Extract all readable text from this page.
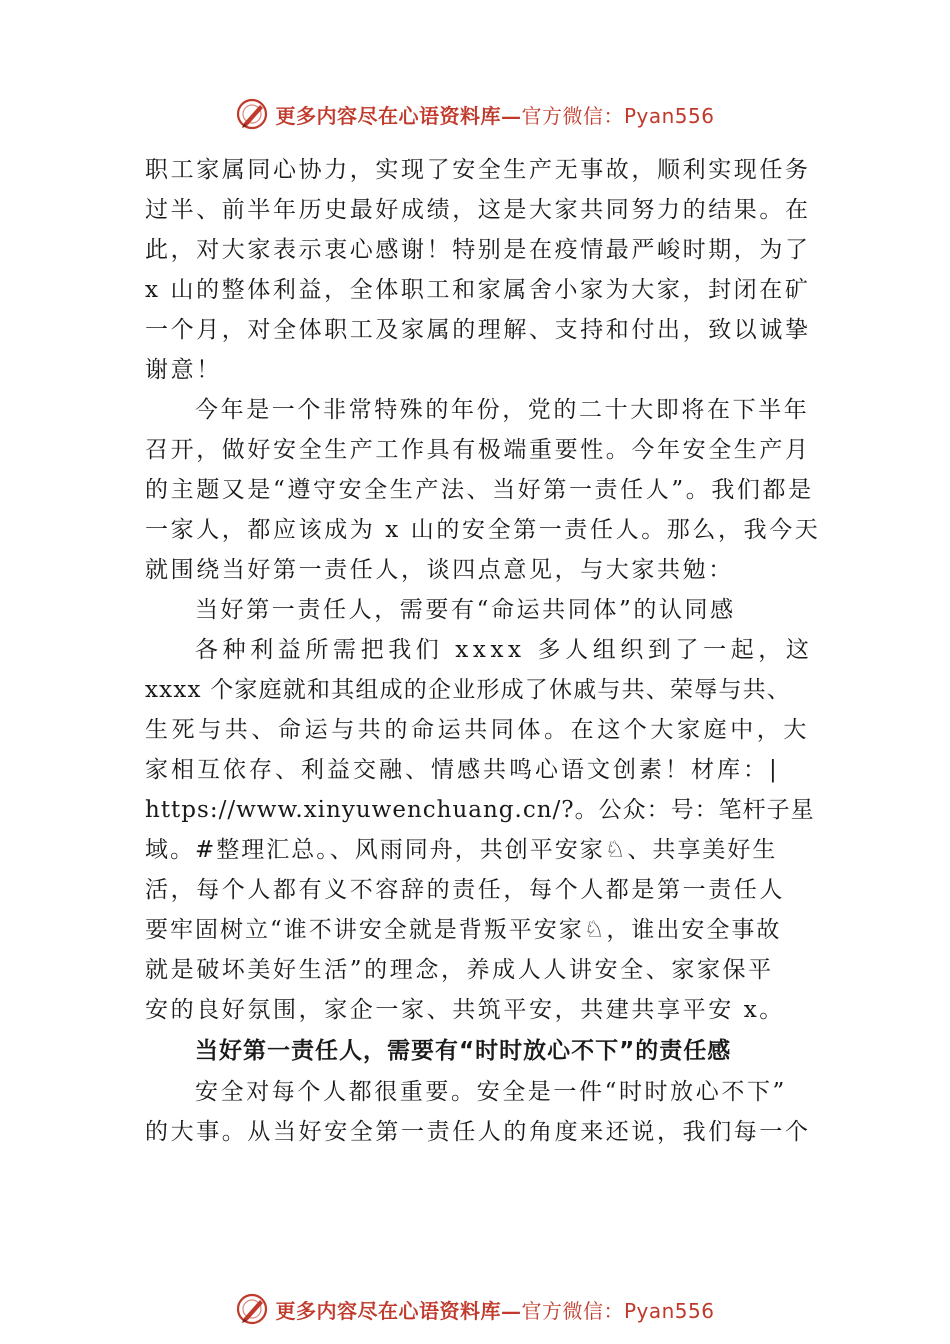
更多内容尽在心语资料库—官方微信：Pyan556
职工家属同心协力，实现了安全生产无事故，顺利实现任务
过半、前半年历史最好成绩，这是大家共同努力的结果。在
此，对大家表示衷心感谢！特别是在疫情最严峻时期，为了
x 山的整体利益，全体职工和家属舍小家为大家，封闭在矿
一个月，对全体职工及家属的理解、支持和付出，致以诚挚
谢意！
今年是一个非常特殊的年份，党的二十大即将在下半年
召开，做好安全生产工作具有极端重要性。今年安全生产月
的主题又是“遵守安全生产法、当好第一责任人”。我们都是
一家人，都应该成为 x 山的安全第一责任人。那么，我今天
就围绕当好第一责任人，谈四点意见，与大家共勉：
当好第一责任人，需要有“命运共同体”的认同感
各种利益所需把我们 xxxx 多人组织到了一起，这
xxxx 个家庭就和其组成的企业形成了休戚与共、荣辱与共、
生死与共、命运与共的命运共同体。在这个大家庭中，大
家相互依存、利益交融、情感共鸣心语文创素！材库：|
https://www.xinyuwenchuang.cn/?。公众：号：笔杆子星
域。#整理汇总。、风雨同舟，共创平安家♘、共享美好生
活，每个人都有义不容辞的责任，每个人都是第一责任人
要牢固树立“谁不讲安全就是背叛平安家♘，谁出安全事故
就是破坏美好生活”的理念，养成人人讲安全、家家保平
安的良好氛围，家企一家、共筑平安，共建共享平安 x。
当好第一责任人，需要有“时时放心不下”的责任感
安全对每个人都很重要。安全是一件“时时放心不下”
的大事。从当好安全第一责任人的角度来还说，我们每一个
更多内容尽在心语资料库—官方微信：Pyan556
